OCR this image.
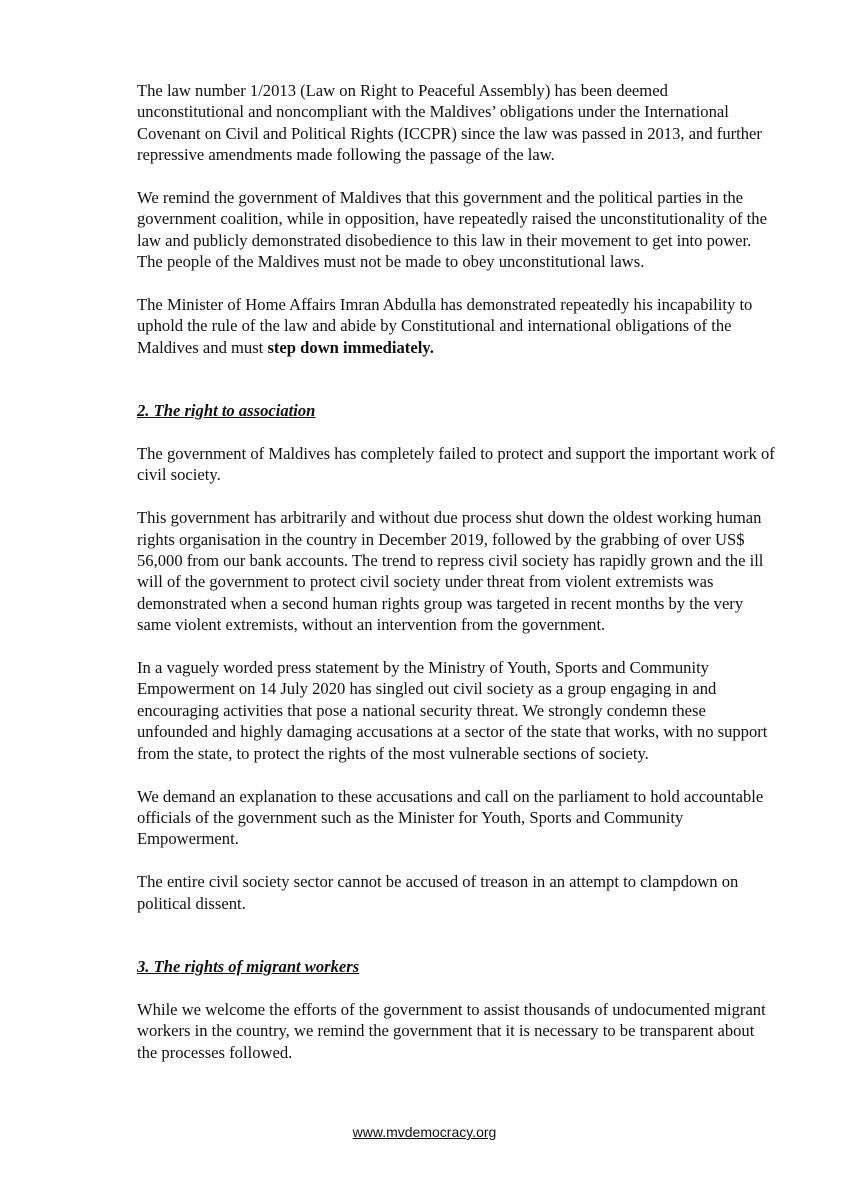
The law number 1/2013 (Law on Right to Peaceful Assembly) has been deemed unconstitutional and noncompliant with the Maldives’ obligations under the International Covenant on Civil and Political Rights (ICCPR) since the law was passed in 2013, and further repressive amendments made following the passage of the law.

We remind the government of Maldives that this government and the political parties in the government coalition, while in opposition, have repeatedly raised the unconstitutionality of the law and publicly demonstrated disobedience to this law in their movement to get into power. The people of the Maldives must not be made to obey unconstitutional laws.

The Minister of Home Affairs Imran Abdulla has demonstrated repeatedly his incapability to uphold the rule of the law and abide by Constitutional and international obligations of the Maldives and must step down immediately.

2. The right to association

The government of Maldives has completely failed to protect and support the important work of civil society.

This government has arbitrarily and without due process shut down the oldest working human rights organisation in the country in December 2019, followed by the grabbing of over US$ 56,000 from our bank accounts. The trend to repress civil society has rapidly grown and the ill will of the government to protect civil society under threat from violent extremists was demonstrated when a second human rights group was targeted in recent months by the very same violent extremists, without an intervention from the government.

In a vaguely worded press statement by the Ministry of Youth, Sports and Community Empowerment on 14 July 2020 has singled out civil society as a group engaging in and encouraging activities that pose a national security threat. We strongly condemn these unfounded and highly damaging accusations at a sector of the state that works, with no support from the state, to protect the rights of the most vulnerable sections of society.

We demand an explanation to these accusations and call on the parliament to hold accountable officials of the government such as the Minister for Youth, Sports and Community Empowerment.

The entire civil society sector cannot be accused of treason in an attempt to clampdown on political dissent.

3. The rights of migrant workers

While we welcome the efforts of the government to assist thousands of undocumented migrant workers in the country, we remind the government that it is necessary to be transparent about the processes followed.

www.mvdemocracy.org
